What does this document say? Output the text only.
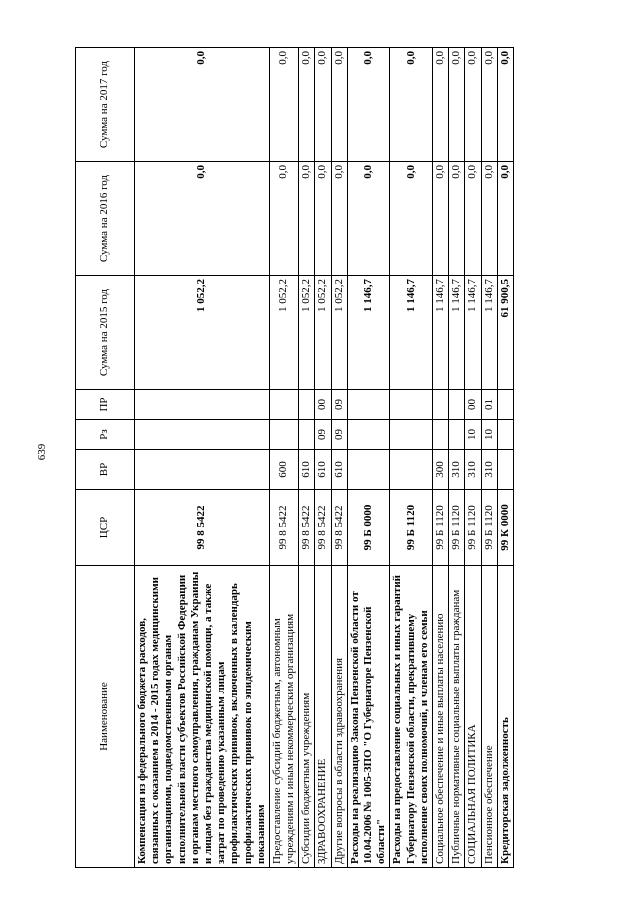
639
Наименование	ЦСР	ВР	Рз	ПР	Сумма на 2015 год	Сумма на 2016 год	Сумма на 2017 год
Компенсация из федерального бюджета расходов, связанных с оказанием в 2014 - 2015 годах медицинскими организациями, подведомственными органам исполнительной власти субъектов Российской Федерации и органам местного самоуправления, гражданам Украины и лицам без гражданства медицинской помощи, а также затрат по проведению указанным лицам профилактических прививок, включенных в календарь профилактических прививок по эпидемическим показаниям	99 8 5422				1 052,2	0,0	0,0
Предоставление субсидий бюджетным, автономным учреждениям и иным некоммерческим организациям	99 8 5422	600			1 052,2	0,0	0,0
Субсидии бюджетным учреждениям	99 8 5422	610			1 052,2	0,0	0,0
ЗДРАВООХРАНЕНИЕ	99 8 5422	610	09	00	1 052,2	0,0	0,0
Другие вопросы в области здравоохранения	99 8 5422	610	09	09	1 052,2	0,0	0,0
Расходы на реализацию Закона Пензенской области от 10.04.2006 № 1005-ЗПО "О Губернаторе Пензенской области"	99 Б 0000				1 146,7	0,0	0,0
Расходы на предоставление социальных и иных гарантий Губернатору Пензенской области, прекратившему исполнение своих полномочий, и членам его семьи	99 Б 1120				1 146,7	0,0	0,0
Социальное обеспечение и иные выплаты населению	99 Б 1120	300			1 146,7	0,0	0,0
Публичные нормативные социальные выплаты гражданам	99 Б 1120	310			1 146,7	0,0	0,0
СОЦИАЛЬНАЯ ПОЛИТИКА	99 Б 1120	310	10	00	1 146,7	0,0	0,0
Пенсионное обеспечение	99 Б 1120	310	10	01	1 146,7	0,0	0,0
Кредиторская задолженность	99 К 0000				61 900,5	0,0	0,0
